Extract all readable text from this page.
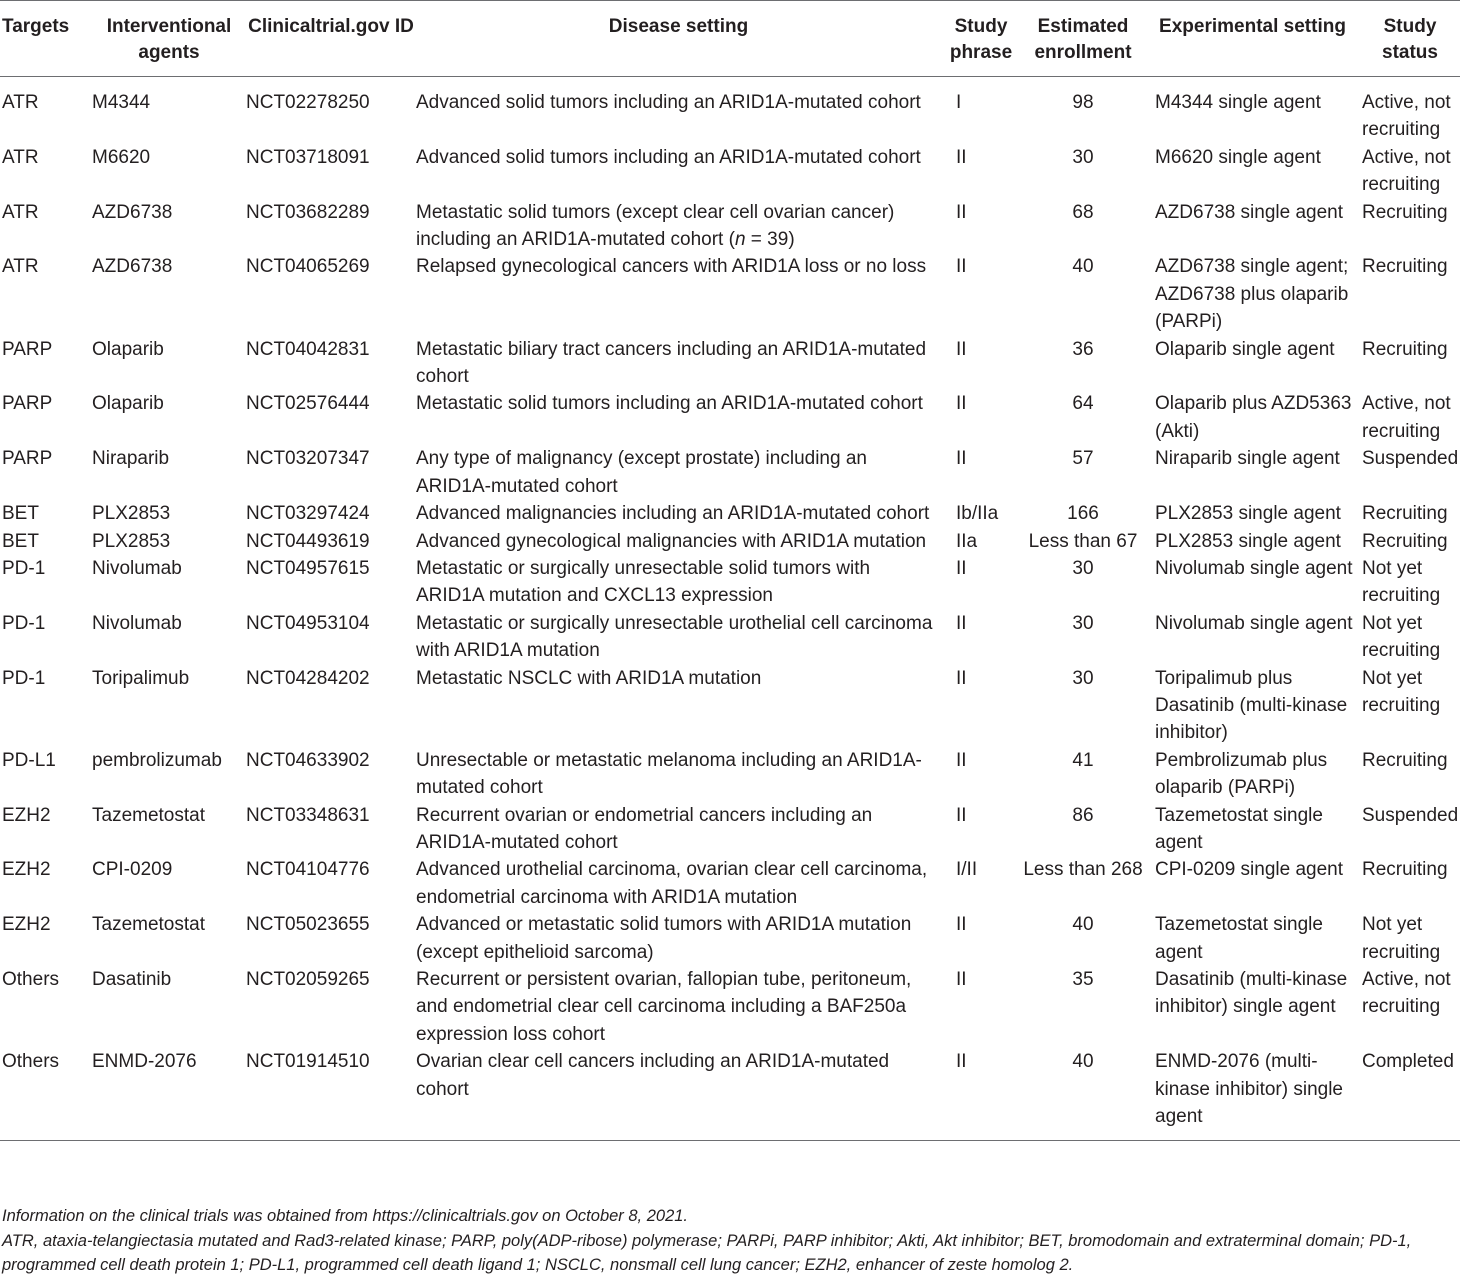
Targets	Interventional agents	Clinicaltrial.gov ID	Disease setting	Study phrase	Estimated enrollment	Experimental setting	Study status
ATR	M4344	NCT02278250	Advanced solid tumors including an ARID1A-mutated cohort	I	98	M4344 single agent	Active, not recruiting
ATR	M6620	NCT03718091	Advanced solid tumors including an ARID1A-mutated cohort	II	30	M6620 single agent	Active, not recruiting
ATR	AZD6738	NCT03682289	Metastatic solid tumors (except clear cell ovarian cancer) including an ARID1A-mutated cohort (n = 39)	II	68	AZD6738 single agent	Recruiting
ATR	AZD6738	NCT04065269	Relapsed gynecological cancers with ARID1A loss or no loss	II	40	AZD6738 single agent; AZD6738 plus olaparib (PARPi)	Recruiting
PARP	Olaparib	NCT04042831	Metastatic biliary tract cancers including an ARID1A-mutated cohort	II	36	Olaparib single agent	Recruiting
PARP	Olaparib	NCT02576444	Metastatic solid tumors including an ARID1A-mutated cohort	II	64	Olaparib plus AZD5363 (Akti)	Active, not recruiting
PARP	Niraparib	NCT03207347	Any type of malignancy (except prostate) including an ARID1A-mutated cohort	II	57	Niraparib single agent	Suspended
BET	PLX2853	NCT03297424	Advanced malignancies including an ARID1A-mutated cohort	Ib/IIa	166	PLX2853 single agent	Recruiting
BET	PLX2853	NCT04493619	Advanced gynecological malignancies with ARID1A mutation	IIa	Less than 67	PLX2853 single agent	Recruiting
PD-1	Nivolumab	NCT04957615	Metastatic or surgically unresectable solid tumors with ARID1A mutation and CXCL13 expression	II	30	Nivolumab single agent	Not yet recruiting
PD-1	Nivolumab	NCT04953104	Metastatic or surgically unresectable urothelial cell carcinoma with ARID1A mutation	II	30	Nivolumab single agent	Not yet recruiting
PD-1	Toripalimub	NCT04284202	Metastatic NSCLC with ARID1A mutation	II	30	Toripalimub plus Dasatinib (multi-kinase inhibitor)	Not yet recruiting
PD-L1	pembrolizumab	NCT04633902	Unresectable or metastatic melanoma including an ARID1A-mutated cohort	II	41	Pembrolizumab plus olaparib (PARPi)	Recruiting
EZH2	Tazemetostat	NCT03348631	Recurrent ovarian or endometrial cancers including an ARID1A-mutated cohort	II	86	Tazemetostat single agent	Suspended
EZH2	CPI-0209	NCT04104776	Advanced urothelial carcinoma, ovarian clear cell carcinoma, endometrial carcinoma with ARID1A mutation	I/II	Less than 268	CPI-0209 single agent	Recruiting
EZH2	Tazemetostat	NCT05023655	Advanced or metastatic solid tumors with ARID1A mutation (except epithelioid sarcoma)	II	40	Tazemetostat single agent	Not yet recruiting
Others	Dasatinib	NCT02059265	Recurrent or persistent ovarian, fallopian tube, peritoneum, and endometrial clear cell carcinoma including a BAF250a expression loss cohort	II	35	Dasatinib (multi-kinase inhibitor) single agent	Active, not recruiting
Others	ENMD-2076	NCT01914510	Ovarian clear cell cancers including an ARID1A-mutated cohort	II	40	ENMD-2076 (multi-kinase inhibitor) single agent	Completed

Information on the clinical trials was obtained from https://clinicaltrials.gov on October 8, 2021.

ATR, ataxia-telangiectasia mutated and Rad3-related kinase; PARP, poly(ADP-ribose) polymerase; PARPi, PARP inhibitor; Akti, Akt inhibitor; BET, bromodomain and extraterminal domain; PD-1, programmed cell death protein 1; PD-L1, programmed cell death ligand 1; NSCLC, nonsmall cell lung cancer; EZH2, enhancer of zeste homolog 2.
